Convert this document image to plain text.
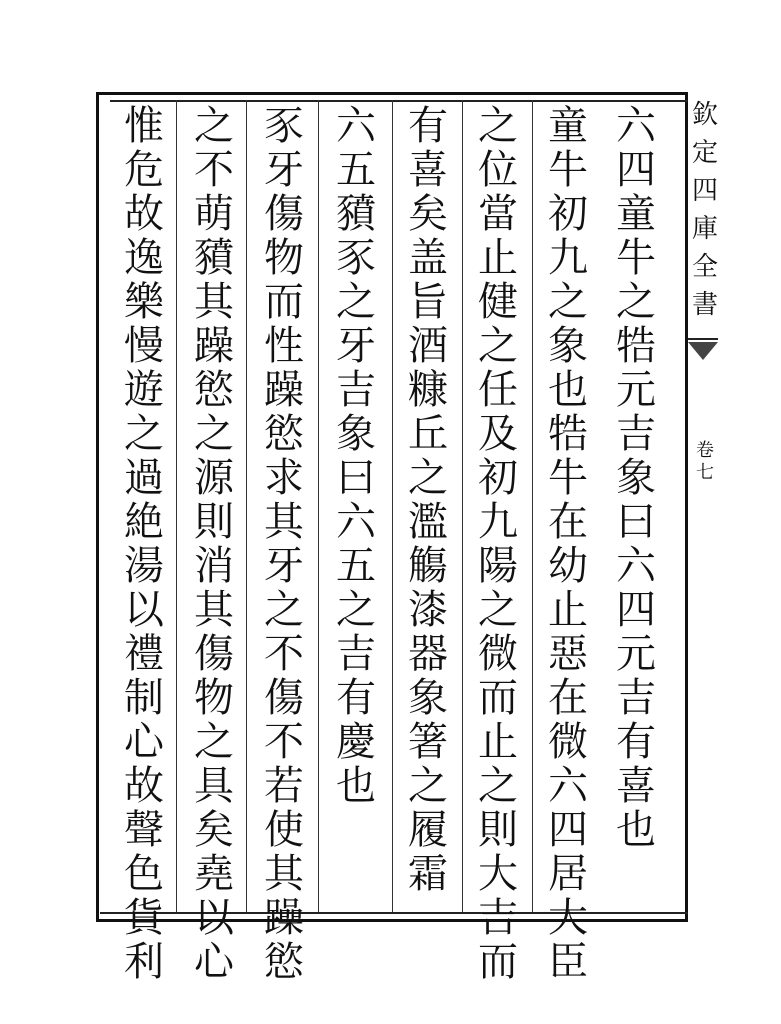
欽
定
四
庫
全
書
卷
七
六
四
童
牛
之
牿
元
吉
象
曰
六
四
元
吉
有
喜
也
童
牛
初
九
之
象
也
牿
牛
在
幼
止
惡
在
微
六
四
居
大
臣
之
位
當
止
健
之
任
及
初
九
陽
之
微
而
止
之
則
大
吉
而
有
喜
矣
盖
旨
酒
糠
丘
之
濫
觴
漆
器
象
箸
之
履
霜
六
五
豶
豕
之
牙
吉
象
曰
六
五
之
吉
有
慶
也
豕
牙
傷
物
而
性
躁
慾
求
其
牙
之
不
傷
不
若
使
其
躁
慾
之
不
萌
豶
其
躁
慾
之
源
則
消
其
傷
物
之
具
矣
堯
以
心
惟
危
故
逸
樂
慢
遊
之
過
絶
湯
以
禮
制
心
故
聲
色
貨
利
